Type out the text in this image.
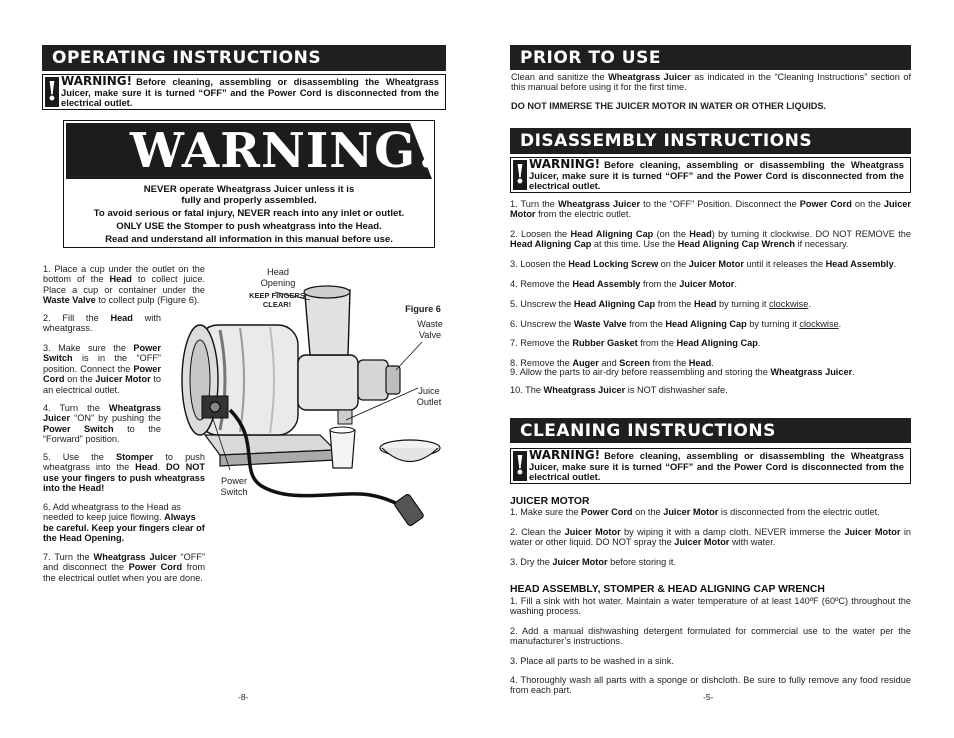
OPERATING INSTRUCTIONS
! WARNING! Before cleaning, assembling or disassembling the Wheatgrass Juicer, make sure it is turned “OFF” and the Power Cord is disconnected from the electrical outlet.
WARNING!
NEVER operate Wheatgrass Juicer unless it is
fully and properly assembled.
To avoid serious or fatal injury, NEVER reach into any inlet or outlet.
ONLY USE the Stomper to push wheatgrass into the Head.
Read and understand all information in this manual before use.
1. Place a cup under the outlet on the bottom of the Head to collect juice. Place a cup or container under the Waste Valve to collect pulp (Figure 6).
2. Fill the Head with wheatgrass.
3. Make sure the Power Switch is in the “OFF” position. Connect the Power Cord on the Juicer Motor to an electrical outlet.
4. Turn the Wheatgrass Juicer “ON” by pushing the Power Switch to the “Forward” position.
5. Use the Stomper to push wheatgrass into the Head. DO NOT use your fingers to push wheatgrass into the Head!
6. Add wheatgrass to the Head as needed to keep juice flowing. Always be careful. Keep your fingers clear of the Head Opening.
7. Turn the Wheatgrass Juicer “OFF” and disconnect the Power Cord from the electrical outlet when you are done.
Head Opening
KEEP FINGERS CLEAR!	Figure 6
Waste Valve
Juice Outlet
Power Switch
-8-
PRIOR TO USE
Clean and sanitize the Wheatgrass Juicer as indicated in the “Cleaning Instructions” section of this manual before using it for the first time.
DO NOT IMMERSE THE JUICER MOTOR IN WATER OR OTHER LIQUIDS.
DISASSEMBLY INSTRUCTIONS
! WARNING! Before cleaning, assembling or disassembling the Wheatgrass Juicer, make sure it is turned “OFF” and the Power Cord is disconnected from the electrical outlet.
1. Turn the Wheatgrass Juicer to the “OFF” Position. Disconnect the Power Cord on the Juicer Motor from the electric outlet.
2. Loosen the Head Aligning Cap (on the Head) by turning it clockwise. DO NOT REMOVE the Head Aligning Cap at this time. Use the Head Aligning Cap Wrench if necessary.
3. Loosen the Head Locking Screw on the Juicer Motor until it releases the Head Assembly.
4. Remove the Head Assembly from the Juicer Motor.
5. Unscrew the Head Aligning Cap from the Head by turning it clockwise.
6. Unscrew the Waste Valve from the Head Aligning Cap by turning it clockwise.
7. Remove the Rubber Gasket from the Head Aligning Cap.
8. Remove the Auger and Screen from the Head.
9. Allow the parts to air-dry before reassembling and storing the Wheatgrass Juicer.
10. The Wheatgrass Juicer is NOT dishwasher safe.
CLEANING INSTRUCTIONS
! WARNING! Before cleaning, assembling or disassembling the Wheatgrass Juicer, make sure it is turned “OFF” and the Power Cord is disconnected from the electrical outlet.
JUICER MOTOR
1. Make sure the Power Cord on the Juicer Motor is disconnected from the electric outlet.
2. Clean the Juicer Motor by wiping it with a damp cloth. NEVER immerse the Juicer Motor in water or other liquid. DO NOT spray the Juicer Motor with water.
3. Dry the Juicer Motor before storing it.
HEAD ASSEMBLY, STOMPER & HEAD ALIGNING CAP WRENCH
1. Fill a sink with hot water. Maintain a water temperature of at least 140ºF (60ºC) throughout the washing process.
2. Add a manual dishwashing detergent formulated for commercial use to the water per the manufacturer’s instructions.
3. Place all parts to be washed in a sink.
4. Thoroughly wash all parts with a sponge or dishcloth. Be sure to fully remove any food residue from each part.
-5-
